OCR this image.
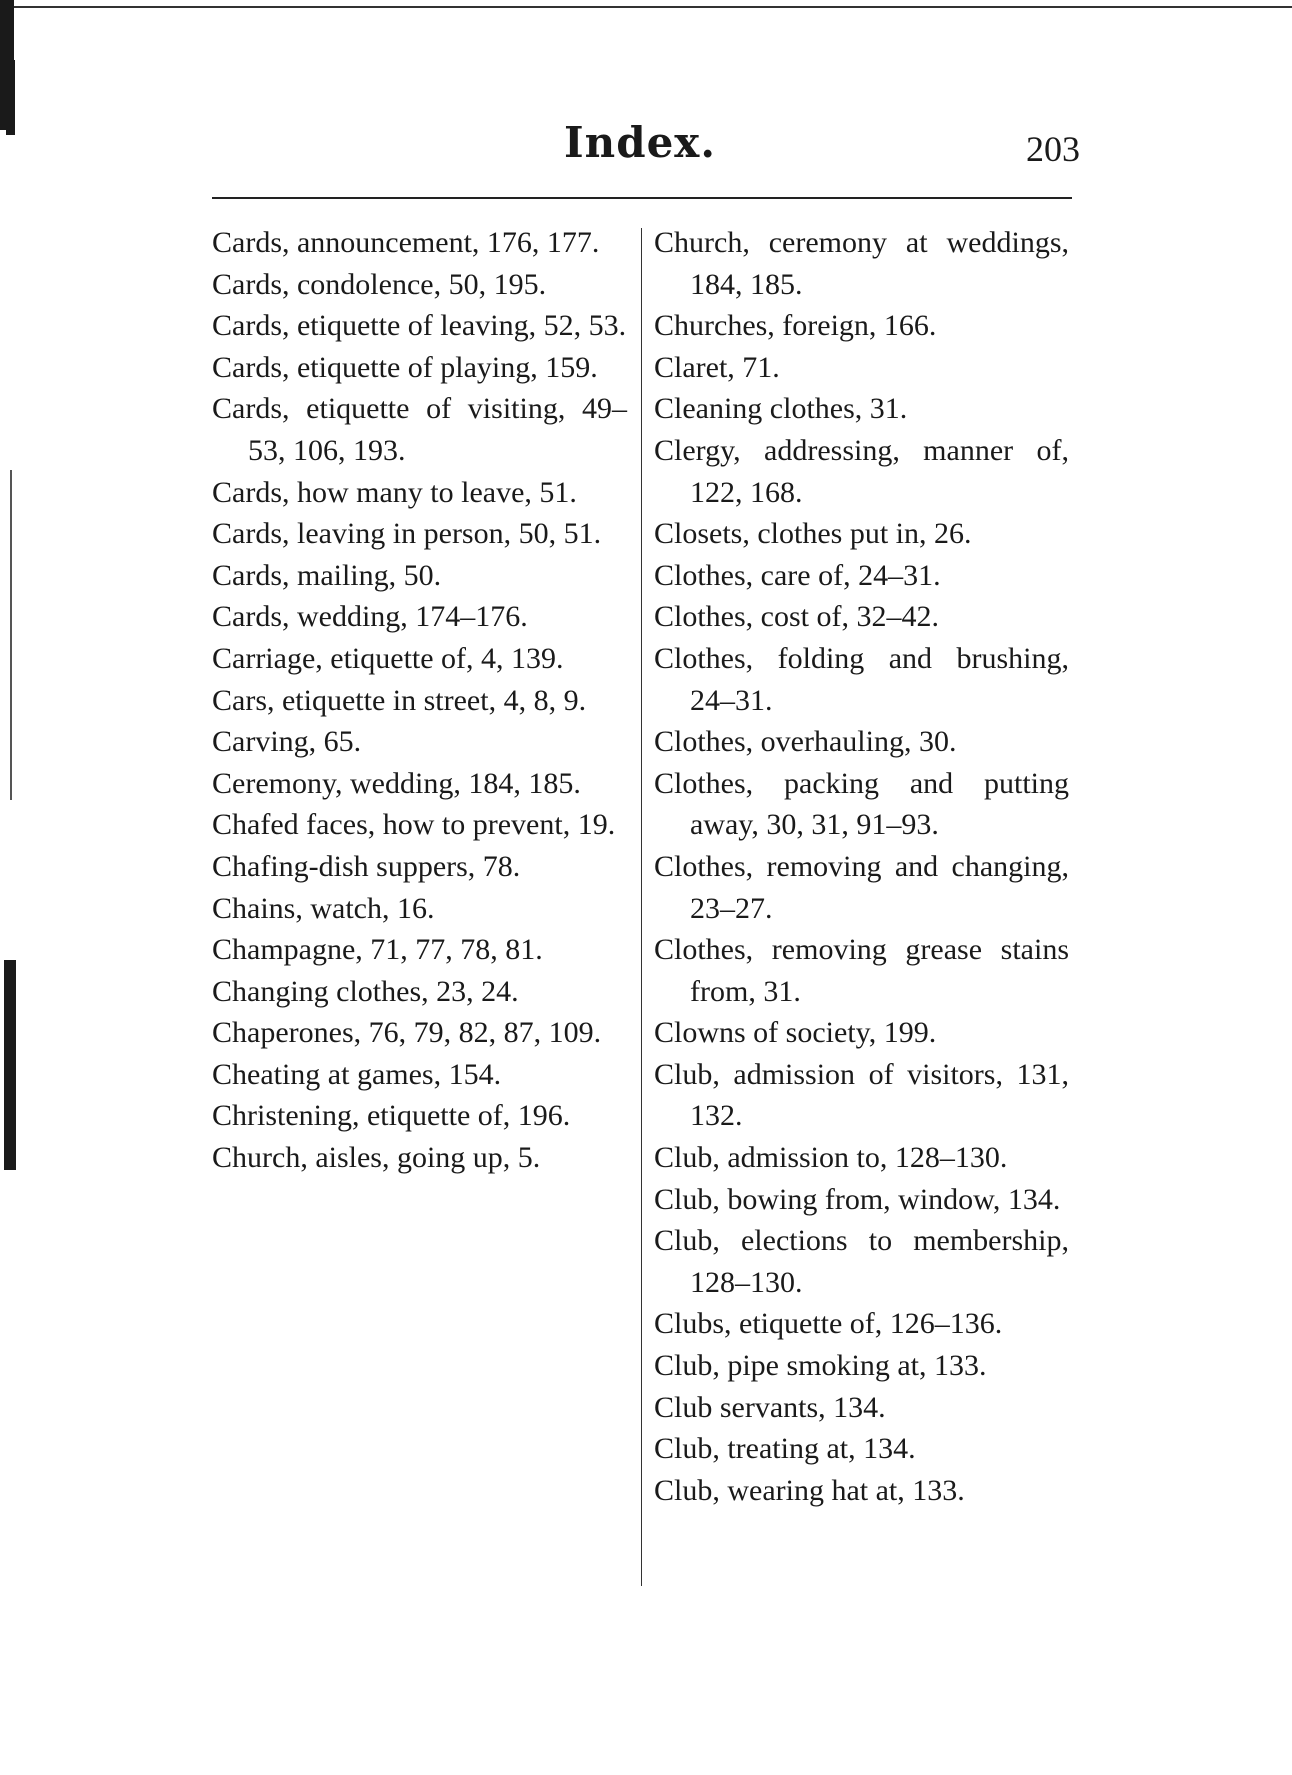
Index.	203

Cards, announcement, 176, 177.

Cards, condolence, 50, 195.

Cards, etiquette of leaving, 52, 53.

Cards, etiquette of playing, 159.

Cards, etiquette of visiting, 49–53, 106, 193.

Cards, how many to leave, 51.

Cards, leaving in person, 50, 51.

Cards, mailing, 50.

Cards, wedding, 174–176.

Carriage, etiquette of, 4, 139.

Cars, etiquette in street, 4, 8, 9.

Carving, 65.

Ceremony, wedding, 184, 185.

Chafed faces, how to prevent, 19.

Chafing-dish suppers, 78.

Chains, watch, 16.

Champagne, 71, 77, 78, 81.

Changing clothes, 23, 24.

Chaperones, 76, 79, 82, 87, 109.

Cheating at games, 154.

Christening, etiquette of, 196.

Church, aisles, going up, 5.

Church, ceremony at weddings, 184, 185.

Churches, foreign, 166.

Claret, 71.

Cleaning clothes, 31.

Clergy, addressing, manner of, 122, 168.

Closets, clothes put in, 26.

Clothes, care of, 24–31.

Clothes, cost of, 32–42.

Clothes, folding and brushing, 24–31.

Clothes, overhauling, 30.

Clothes, packing and putting away, 30, 31, 91–93.

Clothes, removing and changing, 23–27.

Clothes, removing grease stains from, 31.

Clowns of society, 199.

Club, admission of visitors, 131, 132.

Club, admission to, 128–130.

Club, bowing from, window, 134.

Club, elections to membership, 128–130.

Clubs, etiquette of, 126–136.

Club, pipe smoking at, 133.

Club servants, 134.

Club, treating at, 134.

Club, wearing hat at, 133.
